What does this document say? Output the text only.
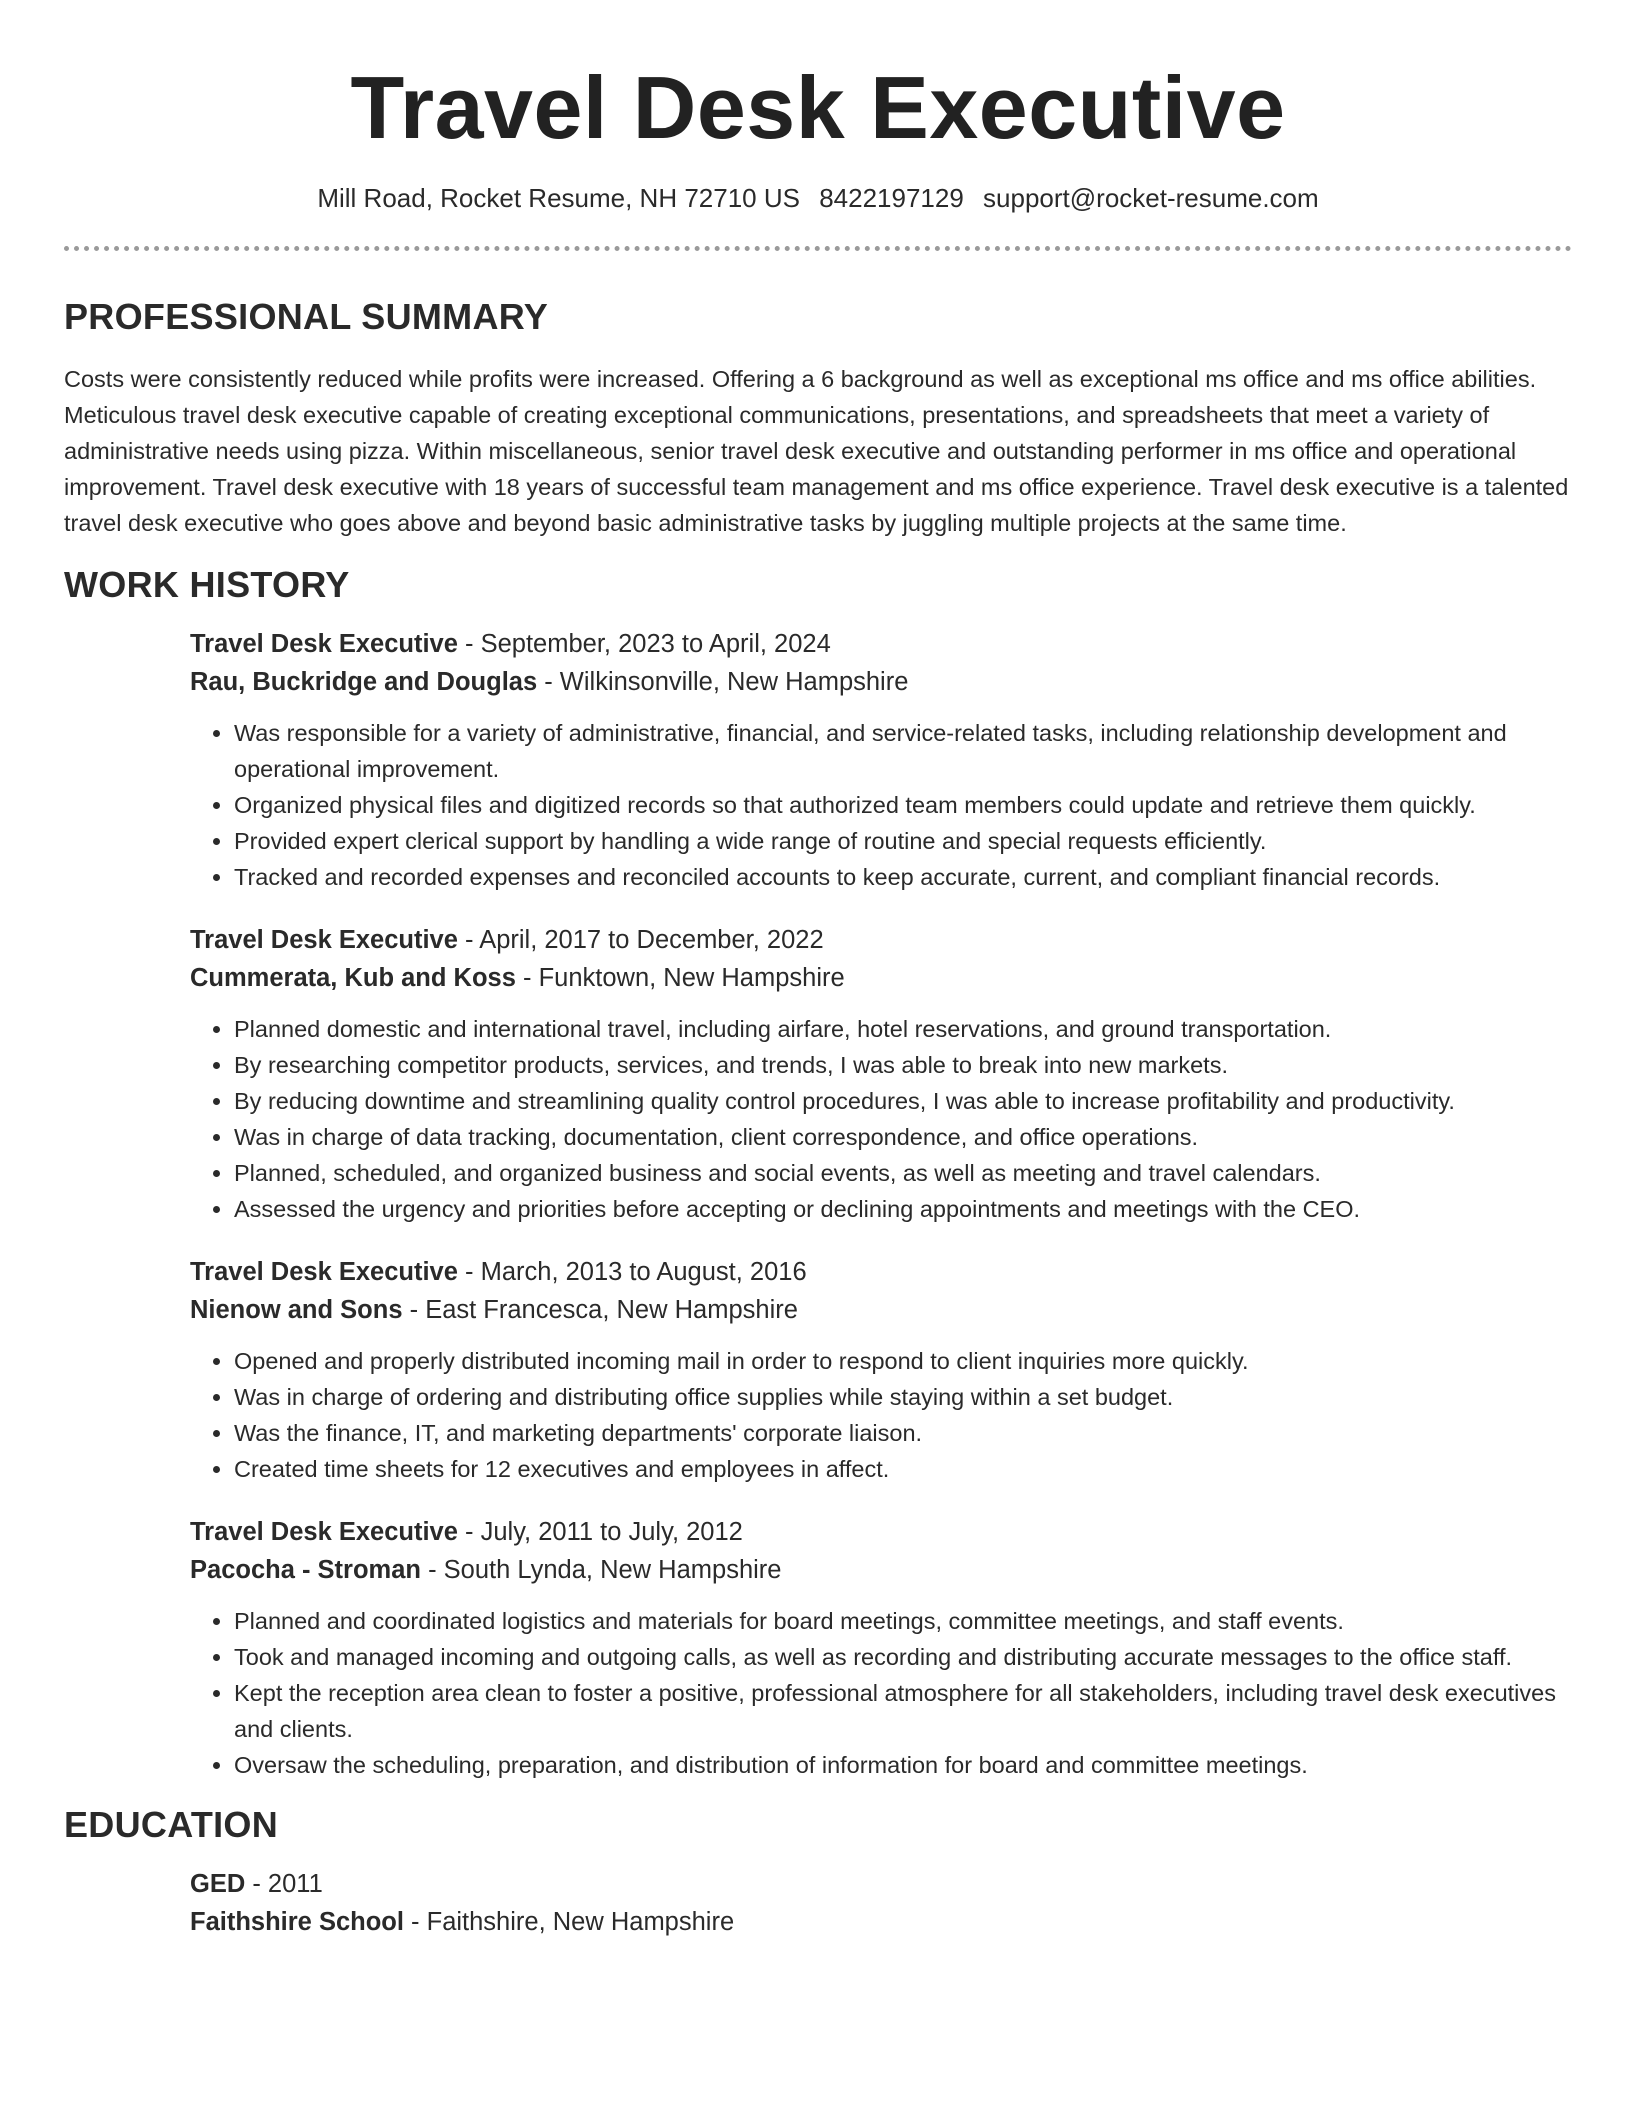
Travel Desk Executive
Mill Road, Rocket Resume, NH 72710 US 8422197129 support@rocket-resume.com
PROFESSIONAL SUMMARY

Costs were consistently reduced while profits were increased. Offering a 6 background as well as exceptional ms office and ms office abilities. Meticulous travel desk executive capable of creating exceptional communications, presentations, and spreadsheets that meet a variety of administrative needs using pizza. Within miscellaneous, senior travel desk executive and outstanding performer in ms office and operational improvement. Travel desk executive with 18 years of successful team management and ms office experience. Travel desk executive is a talented travel desk executive who goes above and beyond basic administrative tasks by juggling multiple projects at the same time.

WORK HISTORY
Travel Desk Executive - September, 2023 to April, 2024
Rau, Buckridge and Douglas - Wilkinsonville, New Hampshire
• Was responsible for a variety of administrative, financial, and service-related tasks, including relationship development and operational improvement.
• Organized physical files and digitized records so that authorized team members could update and retrieve them quickly.
• Provided expert clerical support by handling a wide range of routine and special requests efficiently.
• Tracked and recorded expenses and reconciled accounts to keep accurate, current, and compliant financial records.
Travel Desk Executive - April, 2017 to December, 2022
Cummerata, Kub and Koss - Funktown, New Hampshire
• Planned domestic and international travel, including airfare, hotel reservations, and ground transportation.
• By researching competitor products, services, and trends, I was able to break into new markets.
• By reducing downtime and streamlining quality control procedures, I was able to increase profitability and productivity.
• Was in charge of data tracking, documentation, client correspondence, and office operations.
• Planned, scheduled, and organized business and social events, as well as meeting and travel calendars.
• Assessed the urgency and priorities before accepting or declining appointments and meetings with the CEO.
Travel Desk Executive - March, 2013 to August, 2016
Nienow and Sons - East Francesca, New Hampshire
• Opened and properly distributed incoming mail in order to respond to client inquiries more quickly.
• Was in charge of ordering and distributing office supplies while staying within a set budget.
• Was the finance, IT, and marketing departments' corporate liaison.
• Created time sheets for 12 executives and employees in affect.
Travel Desk Executive - July, 2011 to July, 2012
Pacocha - Stroman - South Lynda, New Hampshire
• Planned and coordinated logistics and materials for board meetings, committee meetings, and staff events.
• Took and managed incoming and outgoing calls, as well as recording and distributing accurate messages to the office staff.
• Kept the reception area clean to foster a positive, professional atmosphere for all stakeholders, including travel desk executives and clients.
• Oversaw the scheduling, preparation, and distribution of information for board and committee meetings.
EDUCATION
GED - 2011
Faithshire School - Faithshire, New Hampshire
